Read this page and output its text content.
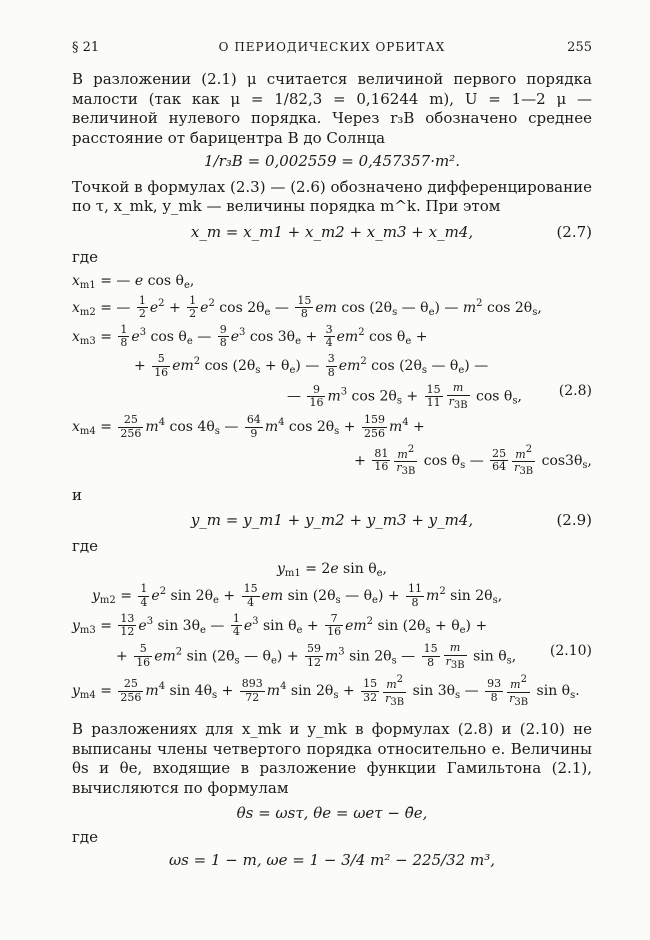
§ 21	О ПЕРИОДИЧЕСКИХ ОРБИТАХ	255

В разложении (2.1) μ считается величиной первого порядка малости (так как μ = 1/82,3 = 0,16244 m), U = 1—2 μ — величиной нулевого порядка. Через r₃B обозначено среднее расстояние от барицентра B до Солнца

1/r₃B = 0,002559 = 0,457357·m².

Точкой в формулах (2.3) — (2.6) обозначено дифференцирование по τ, x_mk, y_mk — величины порядка m^k. При этом

x_m = x_m1 + x_m2 + x_m3 + x_m4,	(2.7)
где
$x_{m1}$ = — e $\cos \theta_e$,
$x_{m2}$ = — $\frac{1}{2} e^2 + \frac{1}{2} e^2$ $\cos 2\theta_e$ — $\frac{15}{8}$ em $\cos (2\theta_s$ — $\theta_e$) — $m^2$ $\cos 2\theta_s$,
$x_{m3} = \frac{1}{8} e^3$ $\cos \theta_e$ — $\frac{9}{8} e^3$ $\cos 3\theta_e + \frac{3}{4} em^2$ $\cos \theta_e$ +
+ $\frac{5}{16} em^2$ $\cos (2\theta_s + \theta_e)$ — $\frac{3}{8} em^2$ $\cos (2\theta_s$ — $\theta_e$) —
— $\frac{9}{16} m^3$ $\cos 2\theta_s + \frac{15}{11} \frac{m}{r_{3B}}$ $\cos \theta_s$,	(2.8)
$x_{m4} = \frac{25}{256} m^4$ $\cos 4\theta_s$ — $\frac{64}{9} m^4$ $\cos 2\theta_s + \frac{159}{256} m^4$ +
+ $\frac{81}{16} \frac{m^2}{r_{3B}}$ $\cos \theta_s$ — $\frac{25}{64} \frac{m^2}{r_{3B}} \cos 3\theta_s$,
и
y_m = y_m1 + y_m2 + y_m3 + y_m4,	(2.9)
где
$y_{m1} = 2e$ $\sin \theta_e$,
$y_{m2} = \frac{1}{4} e^2$ $\sin 2\theta_e + \frac{15}{4}$ em $\sin (2\theta_s$ — $\theta_e) + \frac{11}{8} m^2$ $\sin 2\theta_s$,
$y_{m3} = \frac{13}{12} e^3$ $\sin 3\theta_e$ — $\frac{1}{4} e^3$ $\sin \theta_e + \frac{7}{16} em^2$ $\sin (2\theta_s + \theta_e)$ +
+ $\frac{5}{16} em^2$ $\sin (2\theta_s$ — $\theta_e) + \frac{59}{12} m^3$ $\sin 2\theta_s$ — $\frac{15}{8} \frac{m}{r_{3B}}$ $\sin \theta_s$, (2.10)
$y_{m4} = \frac{25}{256} m^4$ $\sin 4\theta_s + \frac{893}{72} m^4$ $\sin 2\theta_s + \frac{15}{32} \frac{m^2}{r_{3B}}$ $\sin 3\theta_s$ — $\frac{93}{8} \frac{m^2}{r_{3B}}$ $\sin \theta_s$.

В разложениях для x_mk и y_mk в формулах (2.8) и (2.10) не выписаны члены четвертого порядка относительно e. Величины θs и θe, входящие в разложение функции Гамильтона (2.1), вычисляются по формулам

θs = ωsτ, θe = ωeτ − θ̄e,
где
ωs = 1 − m, ωe = 1 − 3/4 m² − 225/32 m³,
